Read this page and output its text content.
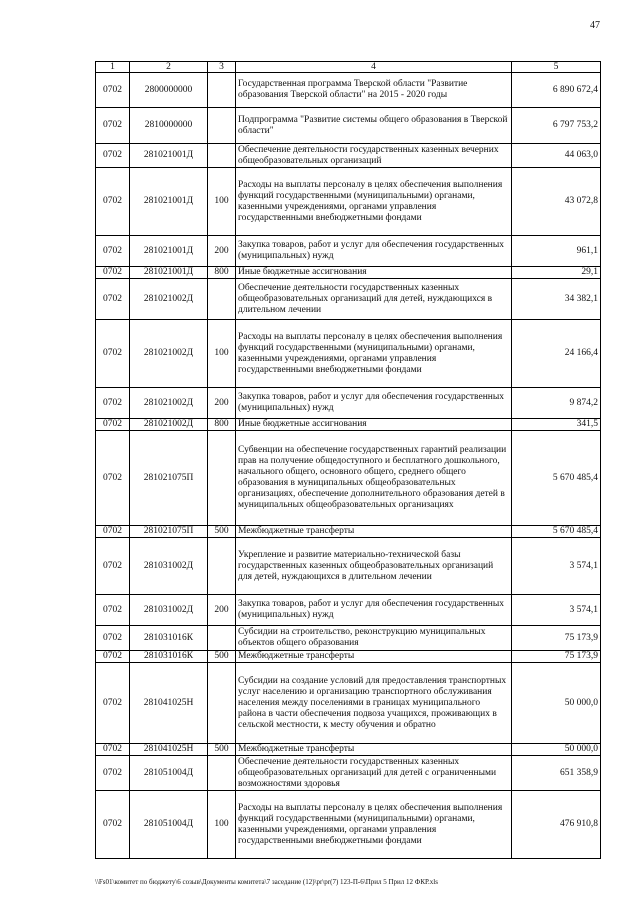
47
1	2	3	4	5
0702	2800000000		Государственная программа Тверской области "Развитие образования Тверской области" на 2015 - 2020 годы	6 890 672,4
0702	2810000000		Подпрограмма "Развитие системы общего образования в Тверской области"	6 797 753,2
0702	281021001Д		Обеспечение деятельности государственных казенных вечерних общеобразовательных организаций	44 063,0
0702	281021001Д	100	Расходы на выплаты персоналу в целях обеспечения выполнения функций государственными (муниципальными) органами, казенными учреждениями, органами управления государственными внебюджетными фондами	43 072,8
0702	281021001Д	200	Закупка товаров, работ и услуг для обеспечения государственных (муниципальных) нужд	961,1
0702	281021001Д	800	Иные бюджетные ассигнования	29,1
0702	281021002Д		Обеспечение деятельности государственных казенных общеобразовательных организаций для детей, нуждающихся в длительном лечении	34 382,1
0702	281021002Д	100	Расходы на выплаты персоналу в целях обеспечения выполнения функций государственными (муниципальными) органами, казенными учреждениями, органами управления государственными внебюджетными фондами	24 166,4
0702	281021002Д	200	Закупка товаров, работ и услуг для обеспечения государственных (муниципальных) нужд	9 874,2
0702	281021002Д	800	Иные бюджетные ассигнования	341,5
0702	281021075П		Субвенции на обеспечение государственных гарантий реализации прав на получение общедоступного и бесплатного дошкольного, начального общего, основного общего, среднего общего образования в муниципальных общеобразовательных организациях, обеспечение дополнительного образования детей в муниципальных общеобразовательных организациях	5 670 485,4
0702	281021075П	500	Межбюджетные трансферты	5 670 485,4
0702	281031002Д		Укрепление и развитие материально-технической базы государственных казенных общеобразовательных организаций для детей, нуждающихся в длительном лечении	3 574,1
0702	281031002Д	200	Закупка товаров, работ и услуг для обеспечения государственных (муниципальных) нужд	3 574,1
0702	281031016К		Субсидии на строительство, реконструкцию муниципальных объектов общего образования	75 173,9
0702	281031016К	500	Межбюджетные трансферты	75 173,9
0702	281041025Н		Субсидии на создание условий для предоставления транспортных услуг населению и организацию транспортного обслуживания населения между поселениями в границах муниципального района в части обеспечения подвоза учащихся, проживающих в сельской местности, к месту обучения и обратно	50 000,0
0702	281041025Н	500	Межбюджетные трансферты	50 000,0
0702	281051004Д		Обеспечение деятельности государственных казенных общеобразовательных организаций для детей с ограниченными возможностями здоровья	651 358,9
0702	281051004Д	100	Расходы на выплаты персоналу в целях обеспечения выполнения функций государственными (муниципальными) органами, казенными учреждениями, органами управления государственными внебюджетными фондами	476 910,8
\\Fs01\комитет по бюджету\6 созыв\Документы комитета\7 заседание (12)\pr\pr(7) 123-П-6\Прил 5 Прил 12 ФКР.xls
